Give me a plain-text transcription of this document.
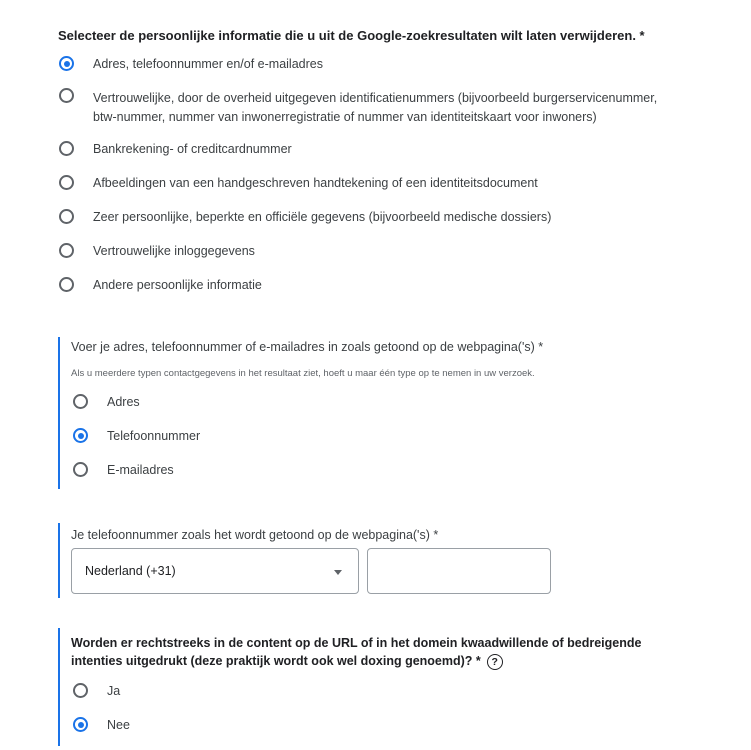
Selecteer de persoonlijke informatie die u uit de Google-zoekresultaten wilt laten verwijderen. *
Adres, telefoonnummer en/of e-mailadres
Vertrouwelijke, door de overheid uitgegeven identificatienummers (bijvoorbeeld burgerservicenummer,
btw-nummer, nummer van inwonerregistratie of nummer van identiteitskaart voor inwoners)
Bankrekening- of creditcardnummer
Afbeeldingen van een handgeschreven handtekening of een identiteitsdocument
Zeer persoonlijke, beperkte en officiële gegevens (bijvoorbeeld medische dossiers)
Vertrouwelijke inloggegevens
Andere persoonlijke informatie
Voer je adres, telefoonnummer of e-mailadres in zoals getoond op de webpagina('s) *
Als u meerdere typen contactgegevens in het resultaat ziet, hoeft u maar één type op te nemen in uw verzoek.
Adres
Telefoonnummer
E-mailadres
Je telefoonnummer zoals het wordt getoond op de webpagina('s) *
Nederland (+31)
Worden er rechtstreeks in de content op de URL of in het domein kwaadwillende of bedreigende
intenties uitgedrukt (deze praktijk wordt ook wel doxing genoemd)? * ?
Ja
Nee
